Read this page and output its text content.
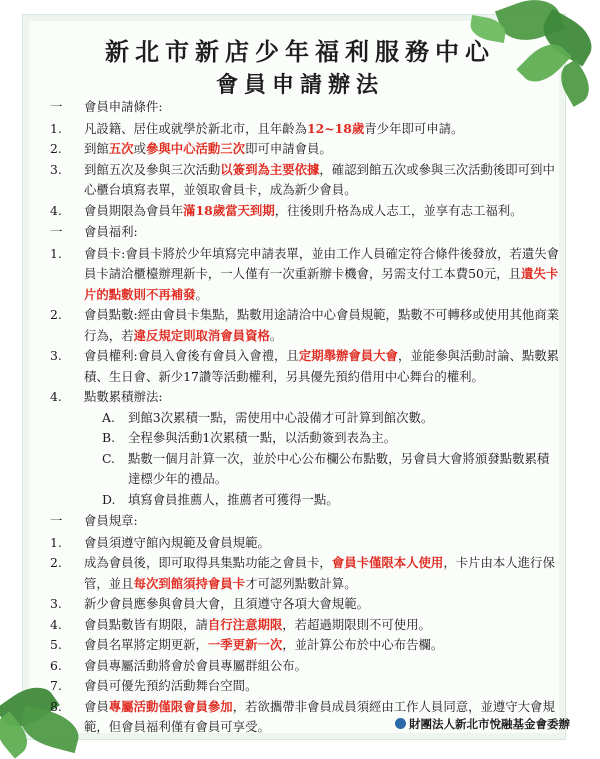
新北市新店少年福利服務中心
會員申請辦法
一 會員申請條件:
1.	凡設籍、居住或就學於新北市，且年齡為12~18歲青少年即可申請。
2.	到館五次或參與中心活動三次即可申請會員。
3.	到館五次及參與三次活動以簽到為主要依據，確認到館五次或參與三次活動後即可到中心櫃台填寫表單，並領取會員卡，成為新少會員。
4.	會員期限為會員年滿18歲當天到期，往後則升格為成人志工，並享有志工福利。
一 會員福利:
1.	會員卡:會員卡將於少年填寫完申請表單，並由工作人員確定符合條件後發放，若遺失會員卡請洽櫃檯辦理新卡，一人僅有一次重新辦卡機會，另需支付工本費50元，且遺失卡片的點數則不再補發。
2.	會員點數:經由會員卡集點，點數用途請洽中心會員規範，點數不可轉移或使用其他商業行為，若違反規定則取消會員資格。
3.	會員權利:會員入會後有會員入會禮，且定期舉辦會員大會，並能參與活動討論、點數累積、生日會、新少17讚等活動權利，另具優先預約借用中心舞台的權利。
4.	點數累積辦法:
A. 到館3次累積一點，需使用中心設備才可計算到館次數。
B. 全程參與活動1次累積一點，以活動簽到表為主。
C. 點數一個月計算一次，並於中心公布欄公布點數，另會員大會將頒發點數累積達標少年的禮品。
D. 填寫會員推薦人，推薦者可獲得一點。
一 會員規章:
1.	會員須遵守館內規範及會員規範。
2.	成為會員後，即可取得具集點功能之會員卡，會員卡僅限本人使用，卡片由本人進行保管，並且每次到館須持會員卡才可認列點數計算。
3.	新少會員應參與會員大會，且須遵守各項大會規範。
4.	會員點數皆有期限，請自行注意期限，若超過期限則不可使用。
5.	會員名單將定期更新，一季更新一次，並計算公布於中心布告欄。
6.	會員專屬活動將會於會員專屬群組公布。
7.	會員可優先預約活動舞台空間。
8.	會員專屬活動僅限會員參加，若欲攜帶非會員成員須經由工作人員同意，並遵守大會規範，但會員福利僅有會員可享受。	財團法人新北市悅融基金會委辦
